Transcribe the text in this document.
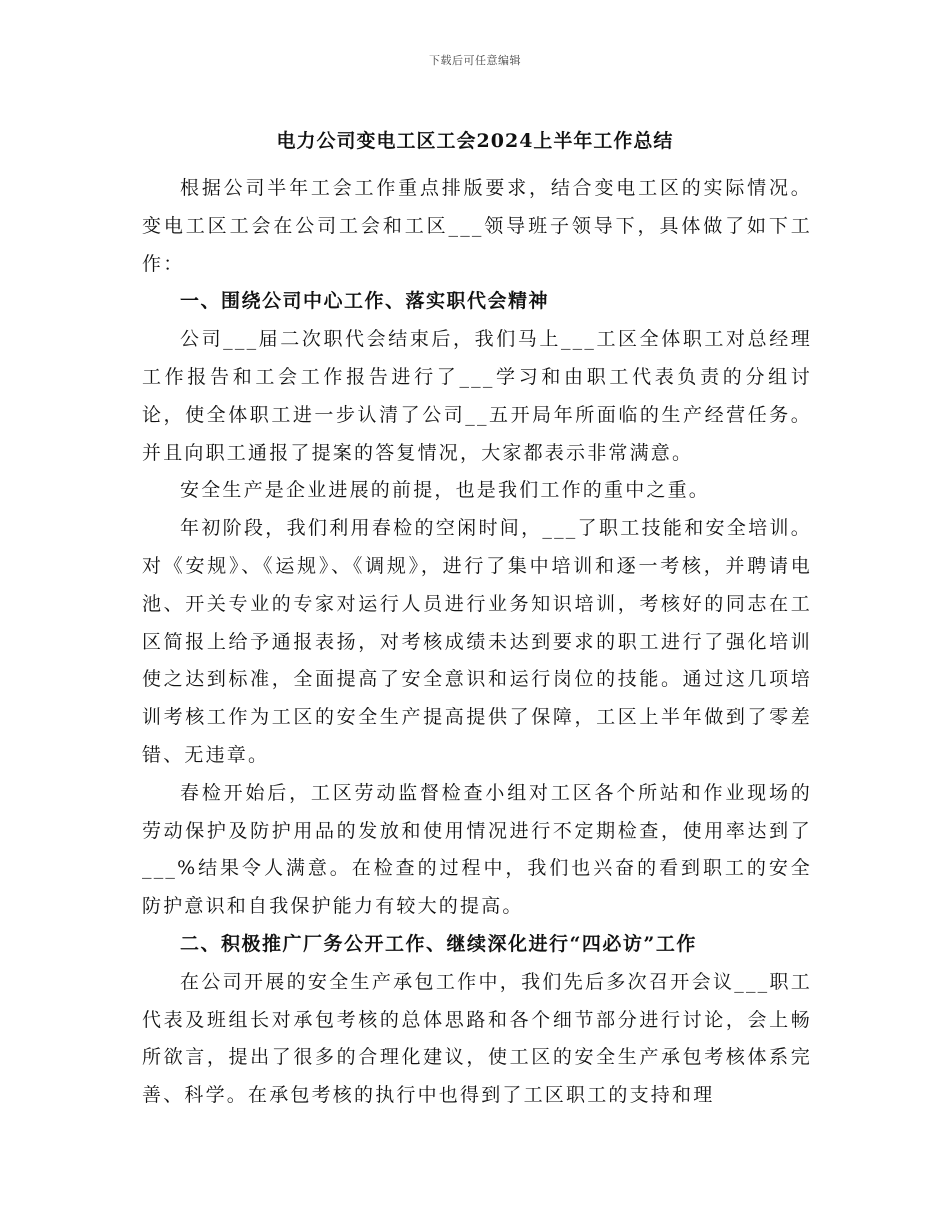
下载后可任意编辑
电力公司变电工区工会2024上半年工作总结

根据公司半年工会工作重点排版要求，结合变电工区的实际情况。变电工区工会在公司工会和工区___领导班子领导下，具体做了如下工作：

一、围绕公司中心工作、落实职代会精神

公司___届二次职代会结束后，我们马上___工区全体职工对总经理工作报告和工会工作报告进行了___学习和由职工代表负责的分组讨论，使全体职工进一步认清了公司__五开局年所面临的生产经营任务。并且向职工通报了提案的答复情况，大家都表示非常满意。

安全生产是企业进展的前提，也是我们工作的重中之重。

年初阶段，我们利用春检的空闲时间，___了职工技能和安全培训。对《安规》、《运规》、《调规》，进行了集中培训和逐一考核，并聘请电池、开关专业的专家对运行人员进行业务知识培训，考核好的同志在工区简报上给予通报表扬，对考核成绩未达到要求的职工进行了强化培训使之达到标准，全面提高了安全意识和运行岗位的技能。通过这几项培训考核工作为工区的安全生产提高提供了保障，工区上半年做到了零差错、无违章。

春检开始后，工区劳动监督检查小组对工区各个所站和作业现场的劳动保护及防护用品的发放和使用情况进行不定期检查，使用率达到了___%结果令人满意。在检查的过程中，我们也兴奋的看到职工的安全防护意识和自我保护能力有较大的提高。

二、积极推广厂务公开工作、继续深化进行“四必访”工作

在公司开展的安全生产承包工作中，我们先后多次召开会议___职工代表及班组长对承包考核的总体思路和各个细节部分进行讨论，会上畅所欲言，提出了很多的合理化建议，使工区的安全生产承包考核体系完善、科学。在承包考核的执行中也得到了工区职工的支持和理
